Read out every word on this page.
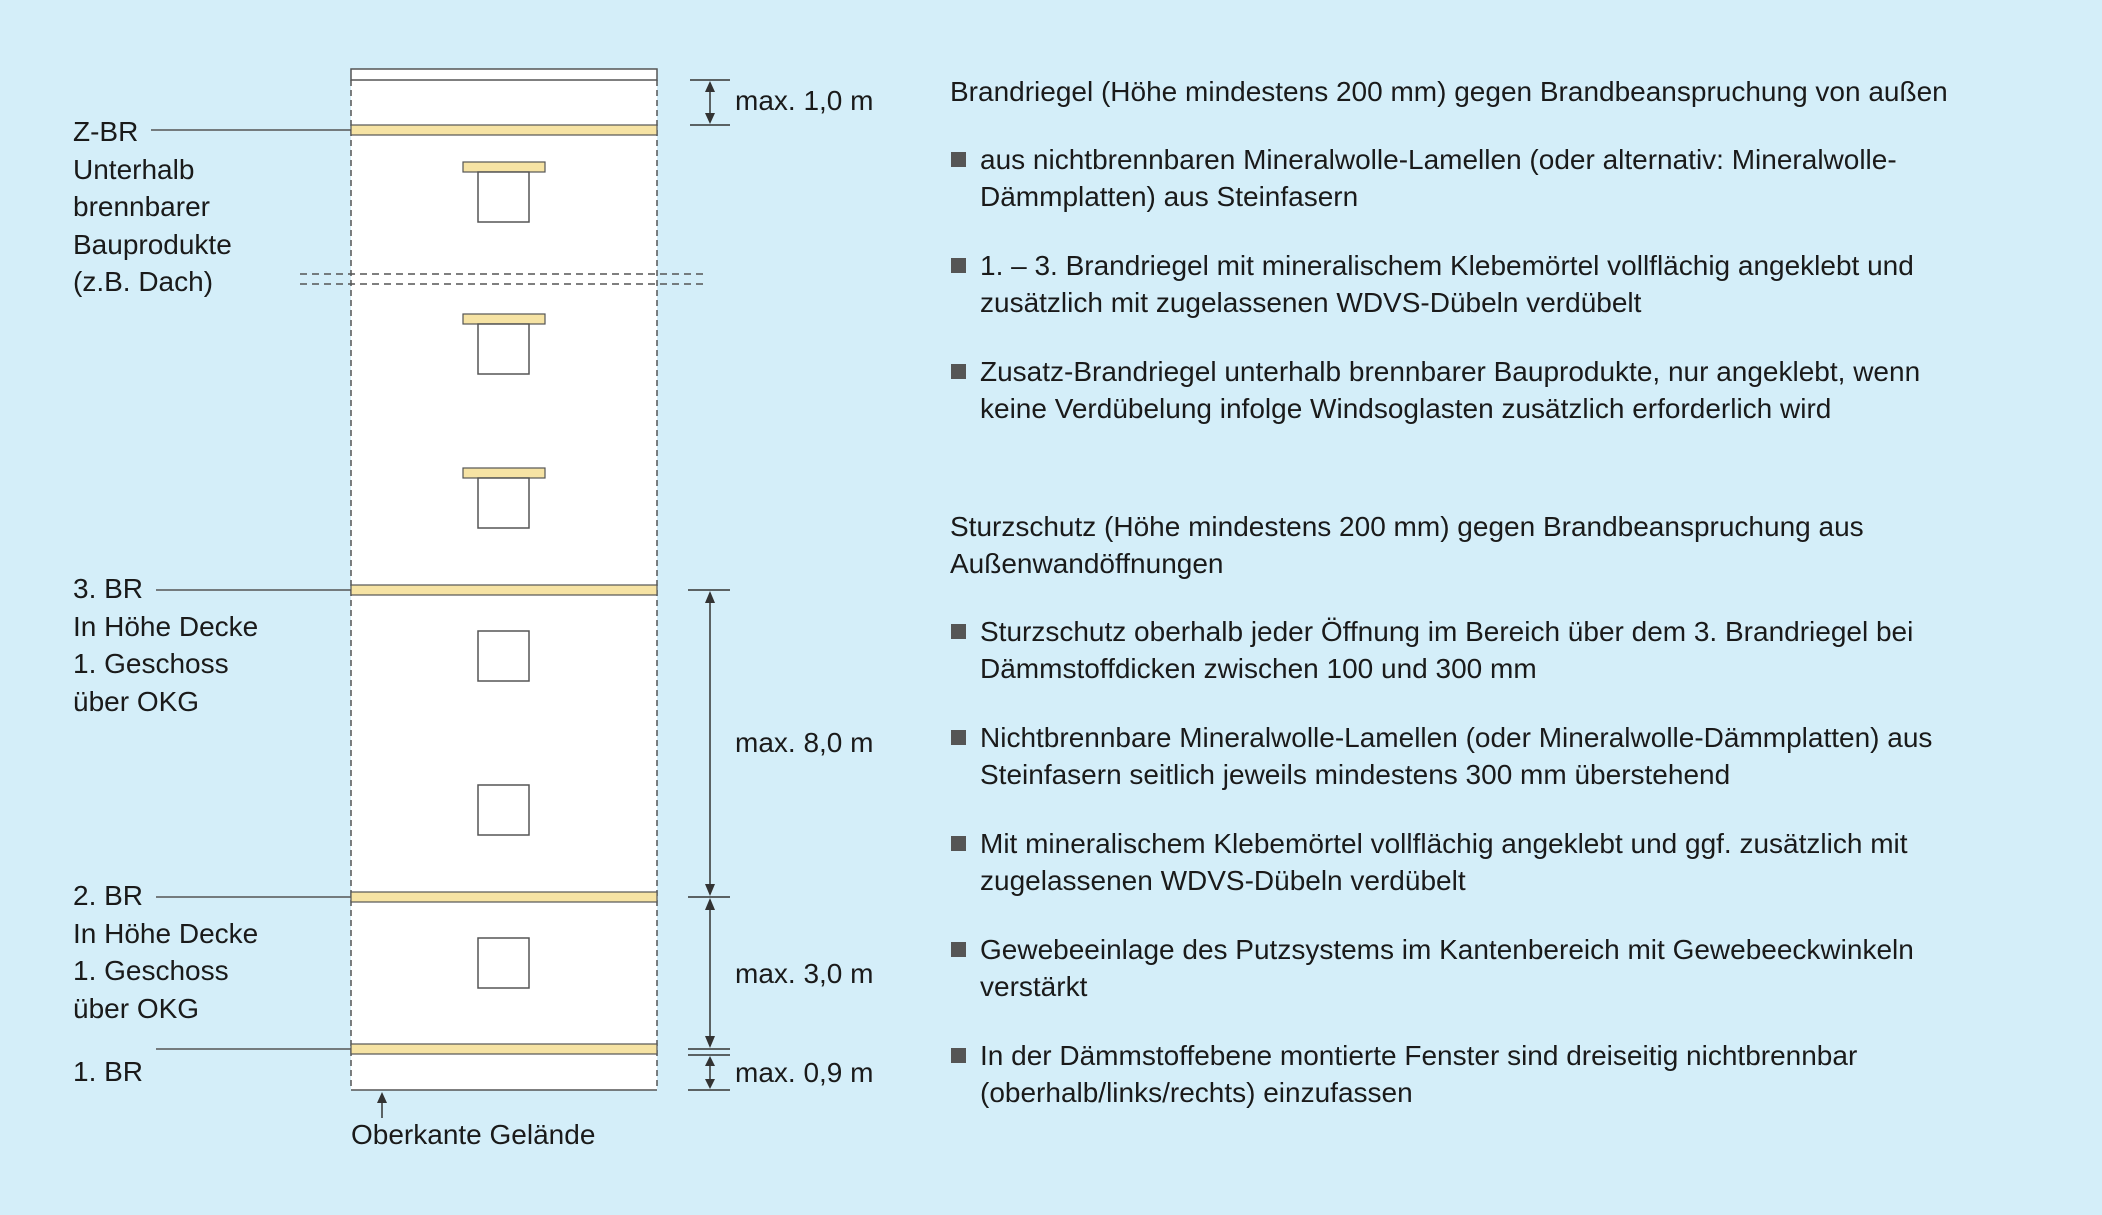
Z-BR
Unterhalb
brennbarer
Bauprodukte
(z.B. Dach)
3. BR
In Höhe Decke
1. Geschoss
über OKG
2. BR
In Höhe Decke
1. Geschoss
über OKG
1. BR
max. 1,0 m
max. 8,0 m
max. 3,0 m
max. 0,9 m
Oberkante Gelände

Brandriegel (Höhe mindestens 200 mm) gegen Brandbeanspruchung von außen

aus nichtbrennbaren Mineralwolle-Lamellen (oder alternativ: Mineralwolle-
Dämmplatten) aus Steinfasern
1. – 3. Brandriegel mit mineralischem Klebemörtel vollflächig angeklebt und
zusätzlich mit zugelassenen WDVS-Dübeln verdübelt
Zusatz-Brandriegel unterhalb brennbarer Bauprodukte, nur angeklebt, wenn
keine Verdübelung infolge Windsoglasten zusätzlich erforderlich wird
Sturzschutz (Höhe mindestens 200 mm) gegen Brandbeanspruchung aus
Außenwandöffnungen
Sturzschutz oberhalb jeder Öffnung im Bereich über dem 3. Brandriegel bei
Dämmstoffdicken zwischen 100 und 300 mm
Nichtbrennbare Mineralwolle-Lamellen (oder Mineralwolle-Dämmplatten) aus
Steinfasern seitlich jeweils mindestens 300 mm überstehend
Mit mineralischem Klebemörtel vollflächig angeklebt und ggf. zusätzlich mit
zugelassenen WDVS-Dübeln verdübelt
Gewebeeinlage des Putzsystems im Kantenbereich mit Gewebeeckwinkeln
verstärkt
In der Dämmstoffebene montierte Fenster sind dreiseitig nichtbrennbar
(oberhalb/links/rechts) einzufassen
